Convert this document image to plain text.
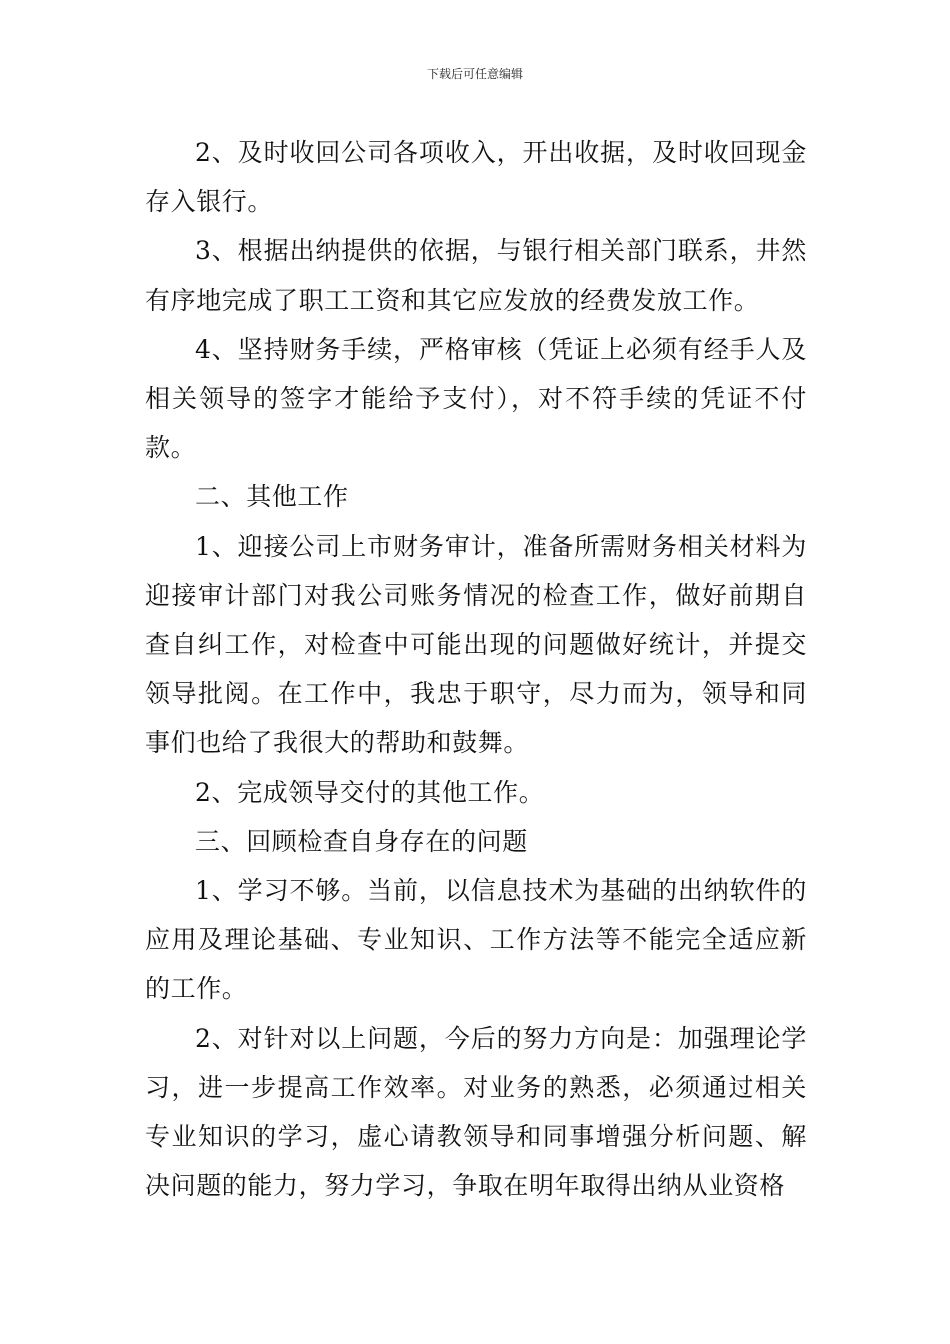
下载后可任意编辑

2、及时收回公司各项收入，开出收据，及时收回现金存入银行。

3、根据出纳提供的依据，与银行相关部门联系，井然有序地完成了职工工资和其它应发放的经费发放工作。

4、坚持财务手续，严格审核（凭证上必须有经手人及相关领导的签字才能给予支付），对不符手续的凭证不付款。

二、其他工作

1、迎接公司上市财务审计，准备所需财务相关材料为迎接审计部门对我公司账务情况的检查工作，做好前期自查自纠工作，对检查中可能出现的问题做好统计，并提交领导批阅。在工作中，我忠于职守，尽力而为，领导和同事们也给了我很大的帮助和鼓舞。

2、完成领导交付的其他工作。

三、回顾检查自身存在的问题

1、学习不够。当前，以信息技术为基础的出纳软件的应用及理论基础、专业知识、工作方法等不能完全适应新的工作。

2、对针对以上问题，今后的努力方向是：加强理论学习，进一步提高工作效率。对业务的熟悉，必须通过相关专业知识的学习，虚心请教领导和同事增强分析问题、解决问题的能力，努力学习，争取在明年取得出纳从业资格
